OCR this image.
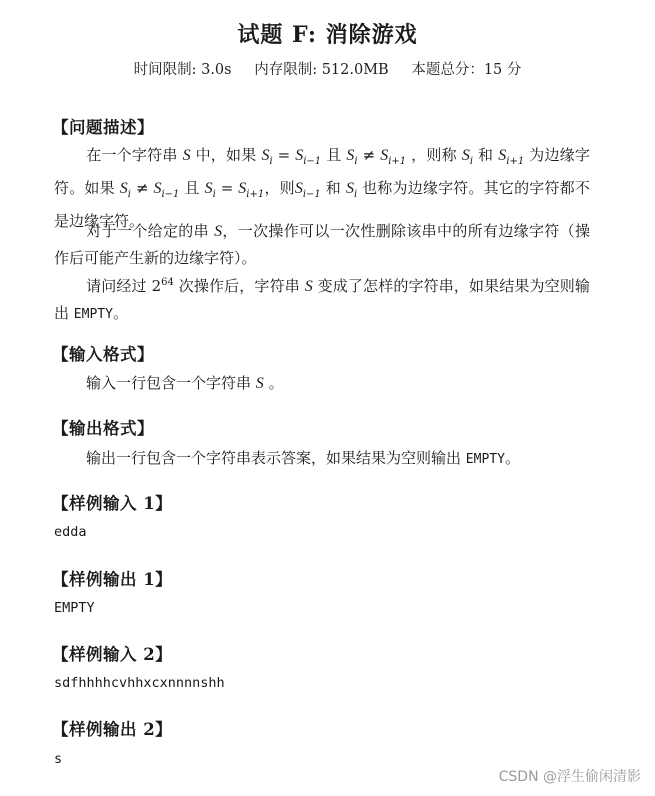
试题 F: 消除游戏
时间限制: 3.0s 内存限制: 512.0MB 本题总分：15 分
【问题描述】
在一个字符串 S 中，如果 $S_i = S_{i-1}$ 且 $S_i \ne S_{i+1}$ ，则称 $S_i$ 和 $S_{i+1}$ 为边缘字符。如果 $S_i \ne S_{i-1}$ 且 $S_i = S_{i+1}$，则$S_{i-1}$ 和 $S_i$ 也称为边缘字符。其它的字符都不是边缘字符。
对于一个给定的串 S，一次操作可以一次性删除该串中的所有边缘字符（操作后可能产生新的边缘字符）。
请问经过 $2^{64}$ 次操作后，字符串 S 变成了怎样的字符串，如果结果为空则输出 EMPTY。
【输入格式】
输入一行包含一个字符串 S 。
【输出格式】
输出一行包含一个字符串表示答案，如果结果为空则输出 EMPTY。
【样例输入 1】
edda
【样例输出 1】
EMPTY
【样例输入 2】
sdfhhhhcvhhxcxnnnnshh
【样例输出 2】
s
CSDN @浮生偷闲清影
